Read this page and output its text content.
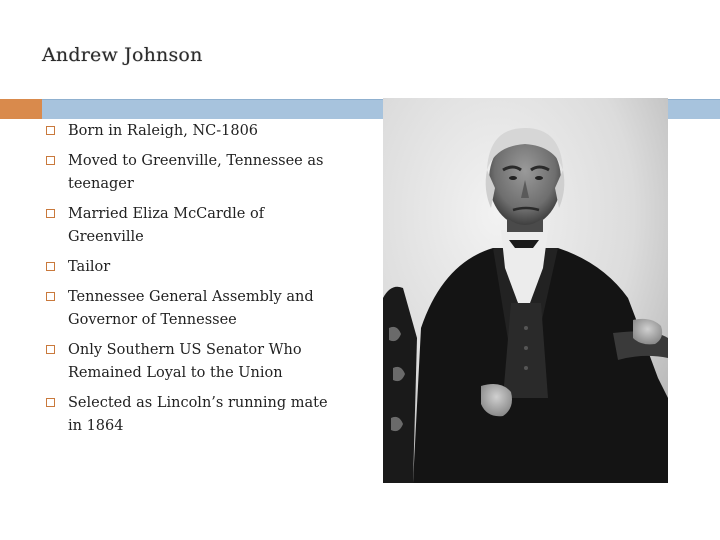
Andrew Johnson
Born in Raleigh, NC-1806
Moved to Greenville, Tennessee as teenager
Married Eliza McCardle of Greenville
Tailor
Tennessee General Assembly and Governor of Tennessee
Only Southern US Senator Who Remained Loyal to the Union
Selected as Lincoln’s running mate in 1864
